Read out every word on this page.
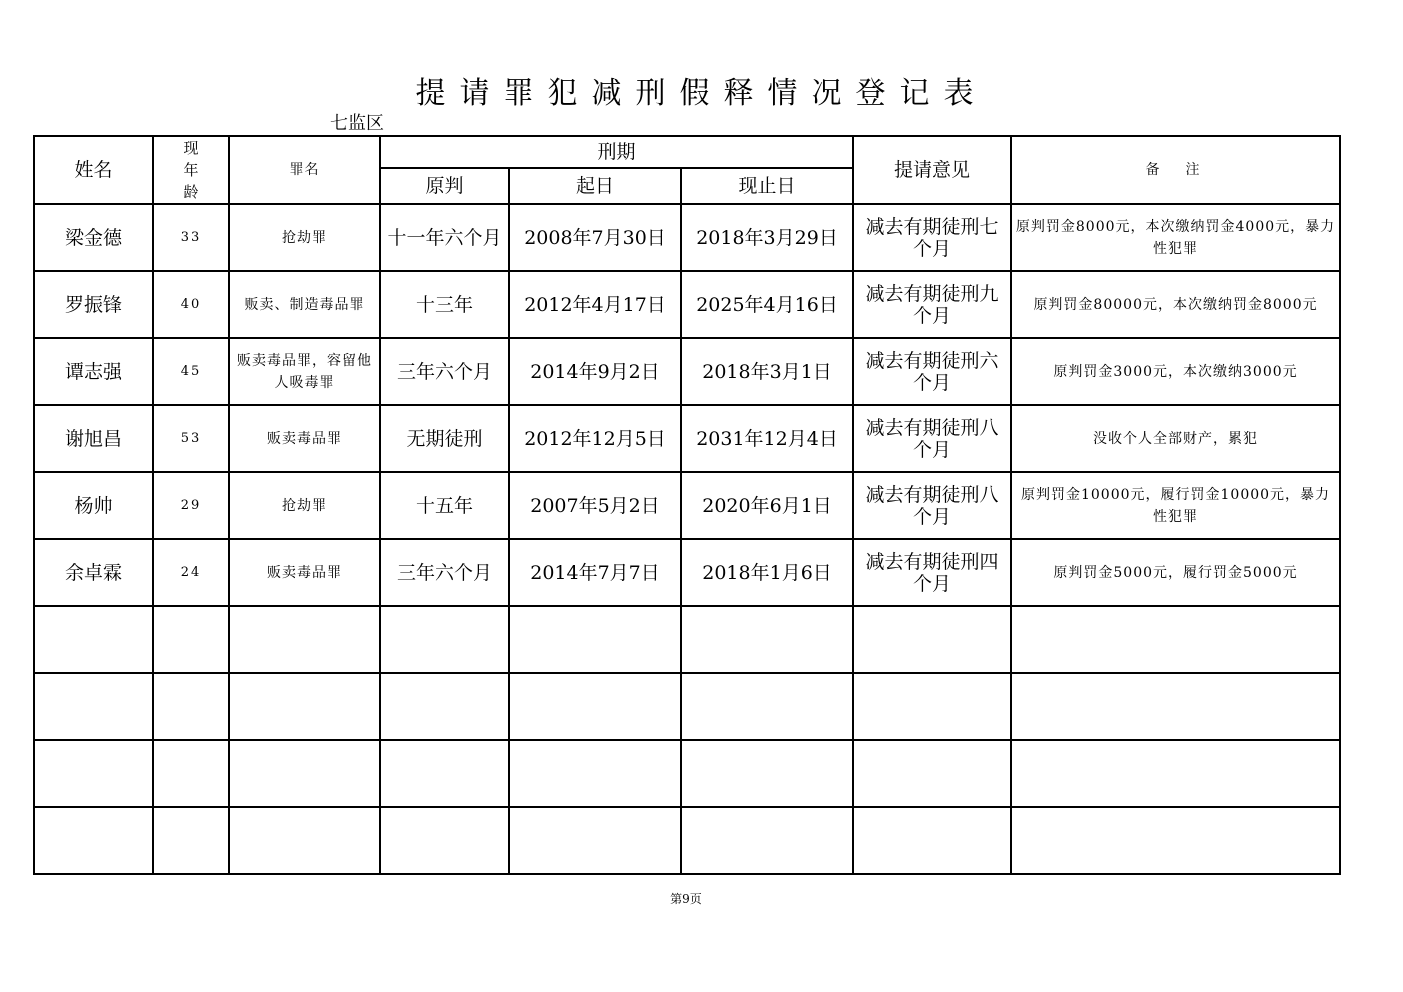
提请罪犯减刑假释情况登记表
七监区
姓名	现年龄	罪名	刑期			提请意见	备　注
			原判	起日	现止日		
梁金德	33	抢劫罪	十一年六个月	2008年7月30日	2018年3月29日	减去有期徒刑七个月	原判罚金8000元，本次缴纳罚金4000元，暴力性犯罪
罗振锋	40	贩卖、制造毒品罪	十三年	2012年4月17日	2025年4月16日	减去有期徒刑九个月	原判罚金80000元，本次缴纳罚金8000元
谭志强	45	贩卖毒品罪，容留他人吸毒罪	三年六个月	2014年9月2日	2018年3月1日	减去有期徒刑六个月	原判罚金3000元，本次缴纳3000元
谢旭昌	53	贩卖毒品罪	无期徒刑	2012年12月5日	2031年12月4日	减去有期徒刑八个月	没收个人全部财产，累犯
杨帅	29	抢劫罪	十五年	2007年5月2日	2020年6月1日	减去有期徒刑八个月	原判罚金10000元，履行罚金10000元，暴力性犯罪
余卓霖	24	贩卖毒品罪	三年六个月	2014年7月7日	2018年1月6日	减去有期徒刑四个月	原判罚金5000元，履行罚金5000元

第9页
